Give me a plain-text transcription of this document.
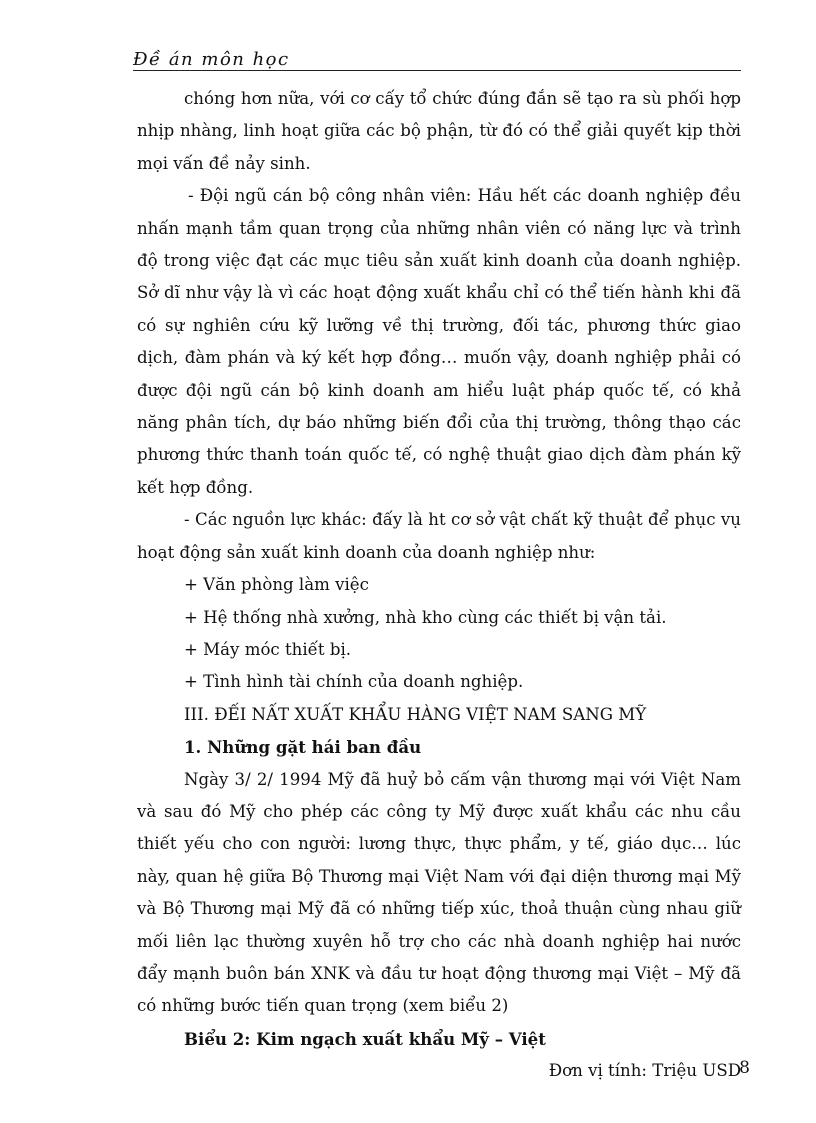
Đề án môn học

chóng hơn nữa, với cơ cấy tổ chức đúng đắn sẽ tạo ra sù phối hợp nhịp nhàng, linh hoạt giữa các bộ phận, từ đó có thể giải quyết kịp thời mọi vấn đề nảy sinh.

- Đội ngũ cán bộ công nhân viên: Hầu hết các doanh nghiệp đều nhấn mạnh tầm quan trọng của những nhân viên có năng lực và trình độ trong việc đạt các mục tiêu sản xuất kinh doanh của doanh nghiệp. Sở dĩ như vậy là vì các hoạt động xuất khẩu chỉ có thể tiến hành khi đã có sự nghiên cứu kỹ lưỡng về thị trường, đối tác, phương thức giao dịch, đàm phán và ký kết hợp đồng… muốn vậy, doanh nghiệp phải có được đội ngũ cán bộ kinh doanh am hiểu luật pháp quốc tế, có khả năng phân tích, dự báo những biến đổi của thị trường, thông thạo các phương thức thanh toán quốc tế, có nghệ thuật giao dịch đàm phán kỹ kết hợp đồng.

- Các nguồn lực khác: đấy là ht cơ sở vật chất kỹ thuật để phục vụ hoạt động sản xuất kinh doanh của doanh nghiệp như:

+ Văn phòng làm việc

+ Hệ thống nhà xưởng, nhà kho cùng các thiết bị vận tải.

+ Máy móc thiết bị.

+ Tình hình tài chính của doanh nghiệp.

III. ĐẾI NẤT XUẤT KHẨU HÀNG VIỆT NAM SANG MỸ

1. Những gặt hái ban đầu

Ngày 3/ 2/ 1994 Mỹ đã huỷ bỏ cấm vận thương mại với Việt Nam và sau đó Mỹ cho phép các công ty Mỹ được xuất khẩu các nhu cầu thiết yếu cho con người: lương thực, thực phẩm, y tế, giáo dục… lúc này, quan hệ giữa Bộ Thương mại Việt Nam với đại diện thương mại Mỹ và Bộ Thương mại Mỹ đã có những tiếp xúc, thoả thuận cùng nhau giữ mối liên lạc thường xuyên hỗ trợ cho các nhà doanh nghiệp hai nước đẩy mạnh buôn bán XNK và đầu tư hoạt động thương mại Việt – Mỹ đã có những bước tiến quan trọng (xem biểu 2)

Biểu 2: Kim ngạch xuất khẩu Mỹ – Việt

Đơn vị tính: Triệu USD

8
